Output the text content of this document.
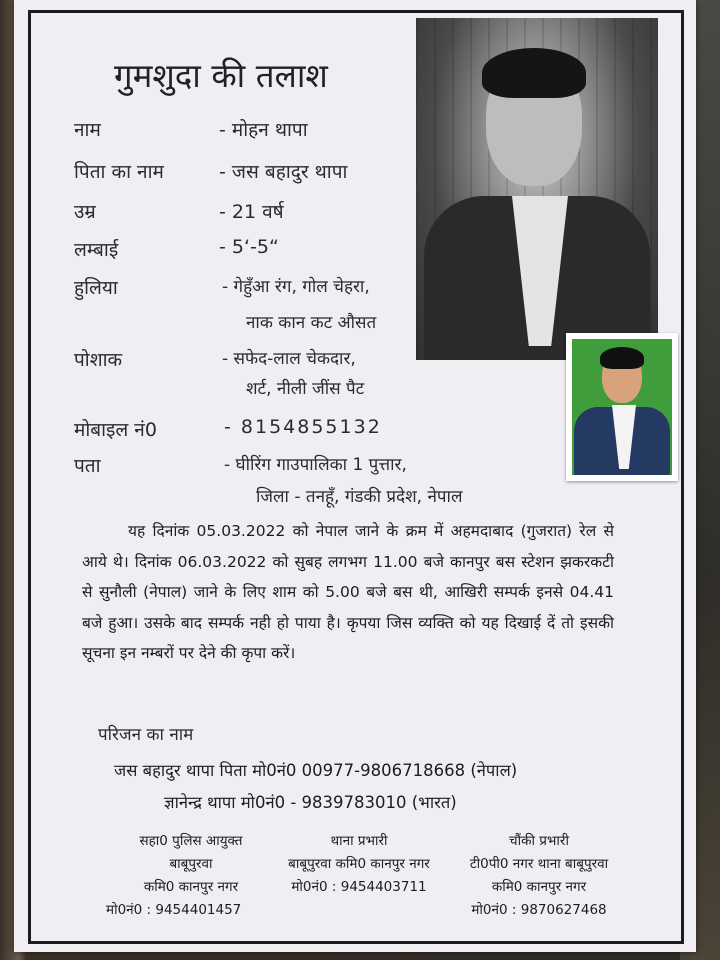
गुमशुदा की तलाश
नाम	- मोहन थापा
पिता का नाम	- जस बहादुर थापा
उम्र	- 21 वर्ष
लम्बाई	- 5‘-5“
हुलिया	- गेहुँआ रंग, गोल चेहरा,
नाक कान कट औसत
पोशाक	- सफेद-लाल चेकदार,
शर्ट, नीली जींस पैट
मोबाइल नं0	- 8154855132
पता	- घीरिंग गाउपालिका 1 पुत्तार,
जिला - तनहूँ, गंडकी प्रदेश, नेपाल
यह दिनांक 05.03.2022 को नेपाल जाने के क्रम में अहमदाबाद (गुजरात) रेल से आये थे। दिनांक 06.03.2022 को सुबह लगभग 11.00 बजे कानपुर बस स्टेशन झकरकटी से सुनौली (नेपाल) जाने के लिए शाम को 5.00 बजे बस थी, आखिरी सम्पर्क इनसे 04.41 बजे हुआ। उसके बाद सम्पर्क नही हो पाया है। कृपया जिस व्यक्ति को यह दिखाई दें तो इसकी सूचना इन नम्बरों पर देने की कृपा करें।
परिजन का नाम
जस बहादुर थापा पिता मो0नं0 00977-9806718668 (नेपाल)
ज्ञानेन्द्र थापा मो0नं0 - 9839783010 (भारत)
सहा0 पुलिस आयुक्त
बाबूपुरवा
कमि0 कानपुर नगर
मो0नं0 : 9454401457
थाना प्रभारी
बाबूपुरवा कमि0 कानपुर नगर
मो0नं0 : 9454403711
चौंकी प्रभारी
टी0पी0 नगर थाना बाबूपुरवा
कमि0 कानपुर नगर
मो0नं0 : 9870627468
